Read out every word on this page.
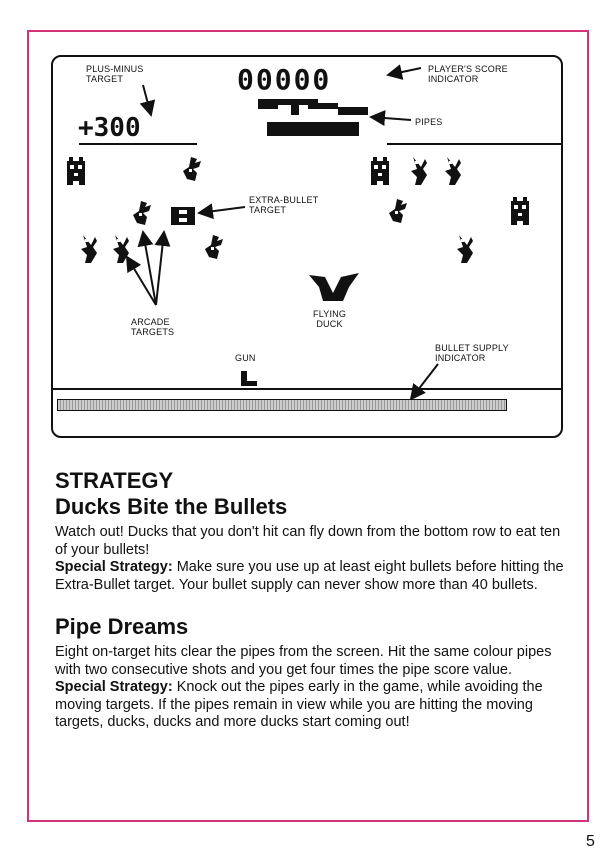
PLUS-MINUS
TARGET	00000	PLAYER'S SCORE
INDICATOR
+300	PIPES
EXTRA-BULLET
TARGET
ARCADE
TARGETS
FLYING
DUCK
GUN
BULLET SUPPLY
INDICATOR
STRATEGY
Ducks Bite the Bullets

Watch out! Ducks that you don't hit can fly down from the bottom row to eat ten of your bullets!

Special Strategy: Make sure you use up at least eight bullets before hitting the Extra-Bullet target. Your bullet supply can never show more than 40 bullets.

Pipe Dreams

Eight on-target hits clear the pipes from the screen. Hit the same colour pipes with two consecutive shots and you get four times the pipe score value.

Special Strategy: Knock out the pipes early in the game, while avoiding the moving targets. If the pipes remain in view while you are hitting the moving targets, ducks, ducks and more ducks start coming out!

5
